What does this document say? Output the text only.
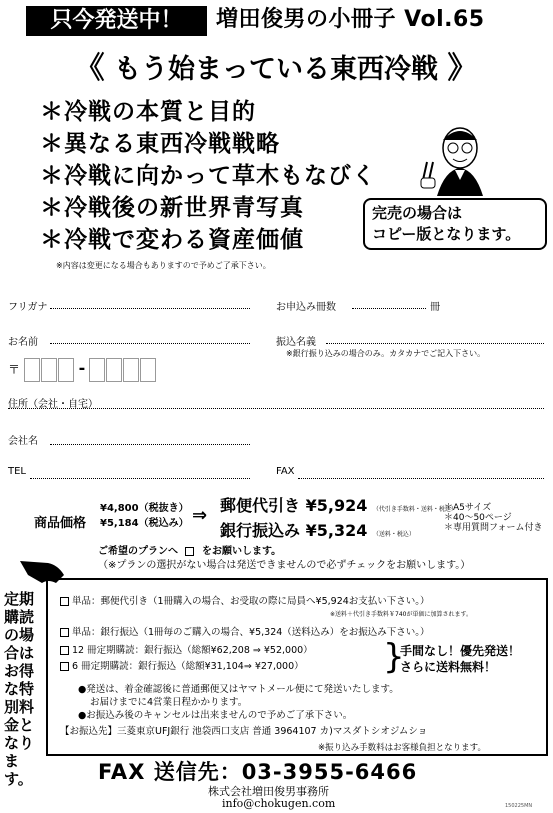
只今発送中！	増田俊男の小冊子 Vol.65
《 もう始まっている東西冷戦 》
＊冷戦の本質と目的
＊異なる東西冷戦戦略
＊冷戦に向かって草木もなびく
＊冷戦後の新世界青写真
＊冷戦で変わる資産価値
完売の場合は
コピー版となります。
※内容は変更になる場合もありますので予めご了承下さい。
フリガナ	お申込み冊数	冊
お名前	振込名義
※銀行振り込みの場合のみ。カタカナでご記入下さい。
〒	-
住所（会社・自宅）
会社名
TEL	FAX
商品価格
¥4,800（税抜き）
¥5,184（税込み） ⇒ 郵便代引き ¥5,924 （代引き手数料・送料・税込）
銀行振込み ¥5,324 （送料・税込）
＊A5サイズ
＊40～50ページ
＊専用質問フォーム付き
ご希望のプランへ をお願いします。
（※プランの選択がない場合は発送できませんので必ずチェックをお願いします。）
定期購読の場合はお得な特別料金となります。
単品：郵便代引き（1冊購入の場合、お受取の際に局員へ¥5,924お支払い下さい。）
※送料＋代引き手数料￥740が単価に加算されます。
単品：銀行振込（1冊毎のご購入の場合、¥5,324（送料込み）をお振込み下さい。）
12 冊定期購読：銀行振込（総額¥62,208 ⇒ ¥52,000）
6 冊定期購読：銀行振込（総額¥31,104⇒ ¥27,000） }
手間なし！優先発送！
さらに送料無料！
●発送は、着金確認後に普通郵便又はヤマトメール便にて発送いたします。
お届けまでに4営業日程かかります。
●お振込み後のキャンセルは出来ませんので予めご了承下さい。
【お振込先】三菱東京UFJ銀行 池袋西口支店 普通 3964107 カ)マスダトシオジムショ
※振り込み手数料はお客様負担となります。
FAX 送信先：03-3955-6466
株式会社増田俊男事務所
info@chokugen.com	150225MN
